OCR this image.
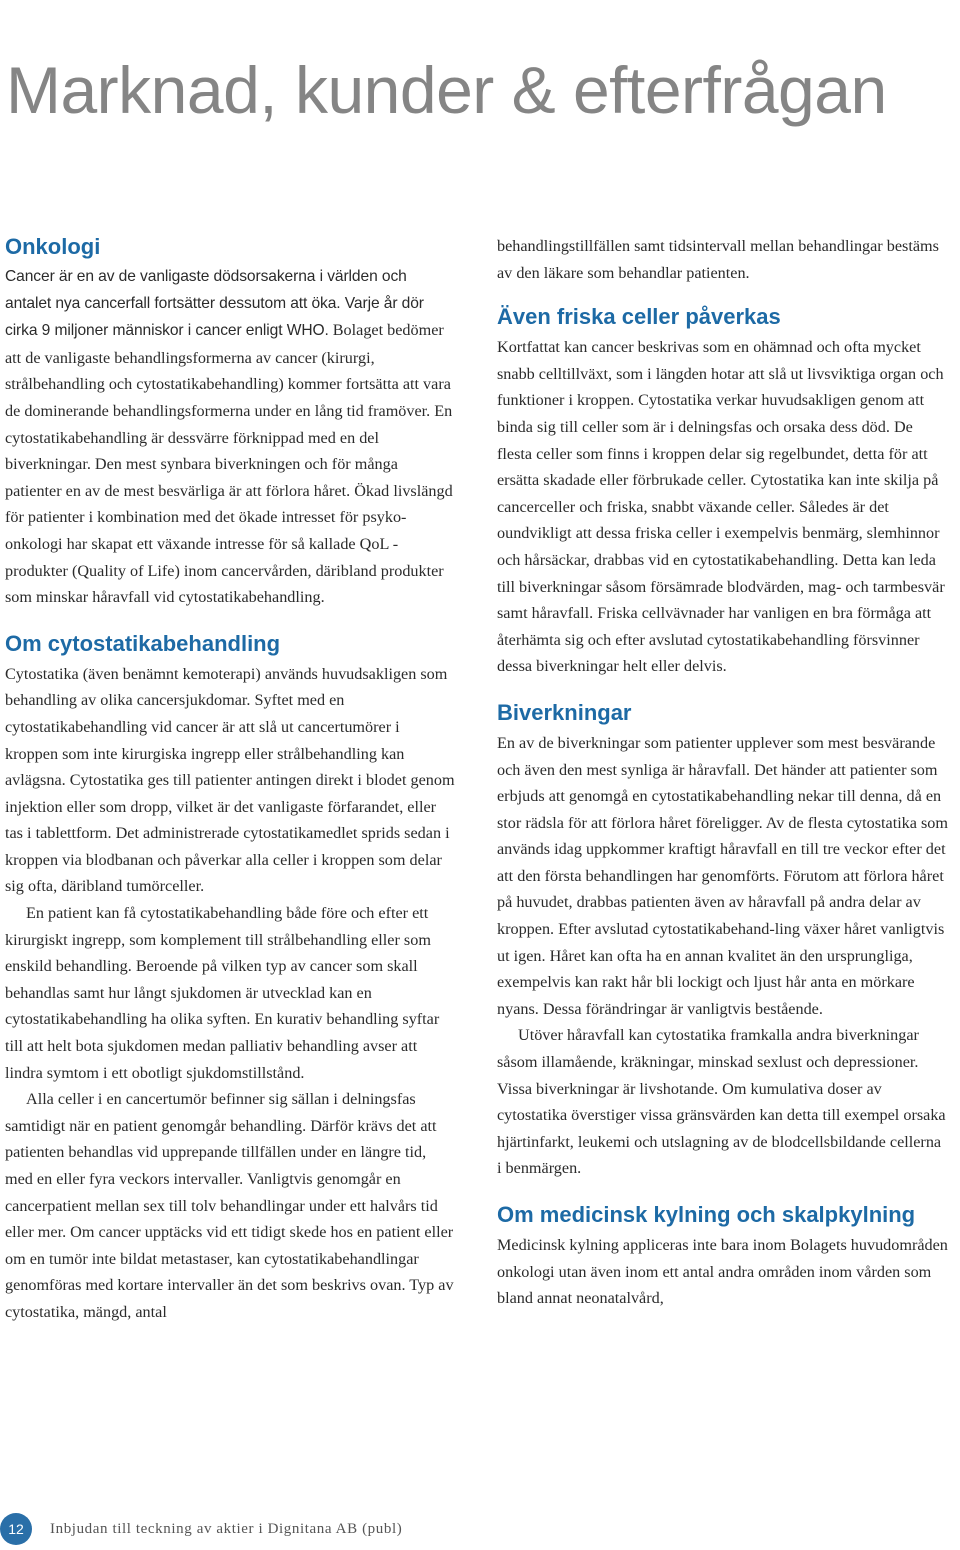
Marknad, kunder & efterfrågan
Onkologi

Cancer är en av de vanligaste dödsorsakerna i världen och antalet nya cancerfall fortsätter dessutom att öka. Varje år dör cirka 9 miljoner människor i cancer enligt WHO.

Bolaget bedömer att de vanligaste behandlingsformerna av cancer (kirurgi, strålbehandling och cytostatikabehandling) kommer fortsätta att vara de dominerande behandlingsformerna under en lång tid framöver. En cytostatikabehandling är dessvärre förknippad med en del biverkningar. Den mest synbara biverkningen och för många patienter en av de mest besvärliga är att förlora håret. Ökad livslängd för patienter i kombination med det ökade intresset för psyko-onkologi har skapat ett växande intresse för så kallade QoL -produkter (Quality of Life) inom cancervården, däribland produkter som minskar håravfall vid cytostatikabehandling.

Om cytostatikabehandling

Cytostatika (även benämnt kemoterapi) används huvudsakligen som behandling av olika cancersjukdomar. Syftet med en cytostatikabehandling vid cancer är att slå ut cancertumörer i kroppen som inte kirurgiska ingrepp eller strålbehandling kan avlägsna. Cytostatika ges till patienter antingen direkt i blodet genom injektion eller som dropp, vilket är det vanligaste förfarandet, eller tas i tablettform. Det administrerade cytostatikamedlet sprids sedan i kroppen via blodbanan och påverkar alla celler i kroppen som delar sig ofta, däribland tumörceller.

En patient kan få cytostatikabehandling både före och efter ett kirurgiskt ingrepp, som komplement till strålbehandling eller som enskild behandling. Beroende på vilken typ av cancer som skall behandlas samt hur långt sjukdomen är utvecklad kan en cytostatikabehandling ha olika syften. En kurativ behandling syftar till att helt bota sjukdomen medan palliativ behandling avser att lindra symtom i ett obotligt sjukdomstillstånd.

Alla celler i en cancertumör befinner sig sällan i delningsfas samtidigt när en patient genomgår behandling. Därför krävs det att patienten behandlas vid upprepande tillfällen under en längre tid, med en eller fyra veckors intervaller. Vanligtvis genomgår en cancerpatient mellan sex till tolv behandlingar under ett halvårs tid eller mer. Om cancer upptäcks vid ett tidigt skede hos en patient eller om en tumör inte bildat metastaser, kan cytostatikabehandlingar genomföras med kortare intervaller än det som beskrivs ovan. Typ av cytostatika, mängd, antal

behandlingstillfällen samt tidsintervall mellan behandlingar bestäms av den läkare som behandlar patienten.

Även friska celler påverkas

Kortfattat kan cancer beskrivas som en ohämnad och ofta mycket snabb celltillväxt, som i längden hotar att slå ut livsviktiga organ och funktioner i kroppen. Cytostatika verkar huvudsakligen genom att binda sig till celler som är i delningsfas och orsaka dess död. De flesta celler som finns i kroppen delar sig regelbundet, detta för att ersätta skadade eller förbrukade celler. Cytostatika kan inte skilja på cancerceller och friska, snabbt växande celler. Således är det oundvikligt att dessa friska celler i exempelvis benmärg, slemhinnor och hårsäckar, drabbas vid en cytostatikabehandling. Detta kan leda till biverkningar såsom försämrade blodvärden, mag- och tarmbesvär samt håravfall. Friska cellvävnader har vanligen en bra förmåga att återhämta sig och efter avslutad cytostatikabehandling försvinner dessa biverkningar helt eller delvis.

Biverkningar

En av de biverkningar som patienter upplever som mest besvärande och även den mest synliga är håravfall. Det händer att patienter som erbjuds att genomgå en cytostatikabehandling nekar till denna, då en stor rädsla för att förlora håret föreligger. Av de flesta cytostatika som används idag uppkommer kraftigt håravfall en till tre veckor efter det att den första behandlingen har genomförts. Förutom att förlora håret på huvudet, drabbas patienten även av håravfall på andra delar av kroppen. Efter avslutad cytostatikabehand-ling växer håret vanligtvis ut igen. Håret kan ofta ha en annan kvalitet än den ursprungliga, exempelvis kan rakt hår bli lockigt och ljust hår anta en mörkare nyans. Dessa förändringar är vanligtvis bestående.

Utöver håravfall kan cytostatika framkalla andra biverkningar såsom illamående, kräkningar, minskad sexlust och depressioner. Vissa biverkningar är livshotande. Om kumulativa doser av cytostatika överstiger vissa gränsvärden kan detta till exempel orsaka hjärtinfarkt, leukemi och utslagning av de blodcellsbildande cellerna i benmärgen.

Om medicinsk kylning och skalpkylning

Medicinsk kylning appliceras inte bara inom Bolagets huvudområden onkologi utan även inom ett antal andra områden inom vården som bland annat neonatalvård,

12	Inbjudan till teckning av aktier i Dignitana AB (publ)
